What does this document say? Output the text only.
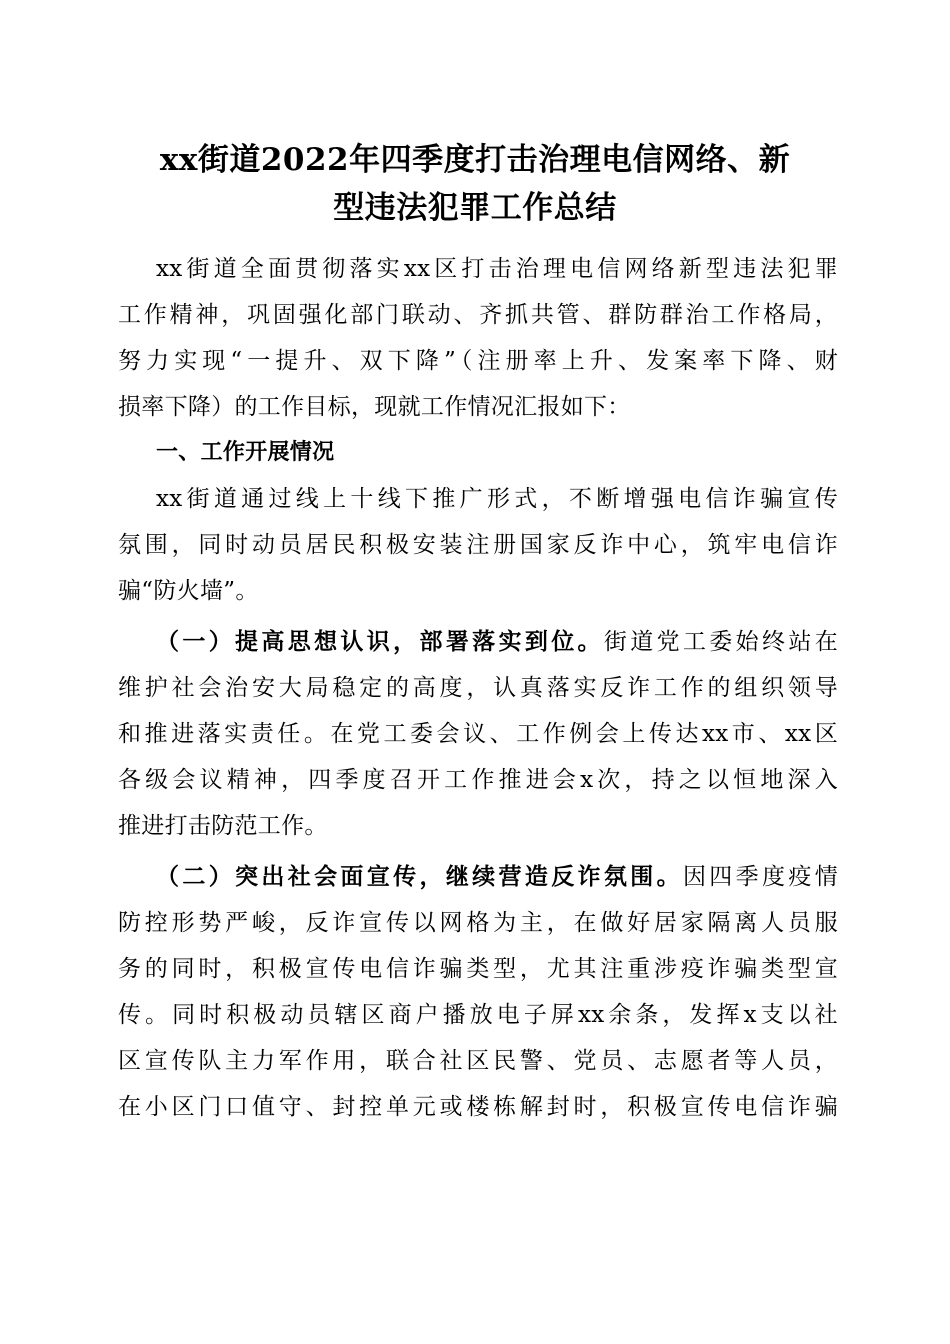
xx街道2022年四季度打击治理电信网络、新
型违法犯罪工作总结
xx街道全面贯彻落实xx区打击治理电信网络新型违法犯罪
工作精神，巩固强化部门联动、齐抓共管、群防群治工作格局，
努力实现“一提升、双下降”（注册率上升、发案率下降、财
损率下降）的工作目标，现就工作情况汇报如下：
一、工作开展情况
xx街道通过线上十线下推广形式，不断增强电信诈骗宣传
氛围，同时动员居民积极安装注册国家反诈中心，筑牢电信诈
骗“防火墙”。
（一）提高思想认识，部署落实到位。街道党工委始终站在
维护社会治安大局稳定的高度，认真落实反诈工作的组织领导
和推进落实责任。在党工委会议、工作例会上传达xx市、xx区
各级会议精神，四季度召开工作推进会x次，持之以恒地深入
推进打击防范工作。
（二）突出社会面宣传，继续营造反诈氛围。因四季度疫情
防控形势严峻，反诈宣传以网格为主，在做好居家隔离人员服
务的同时，积极宣传电信诈骗类型，尤其注重涉疫诈骗类型宣
传。同时积极动员辖区商户播放电子屏xx余条，发挥x支以社
区宣传队主力军作用，联合社区民警、党员、志愿者等人员，
在小区门口值守、封控单元或楼栋解封时，积极宣传电信诈骗
